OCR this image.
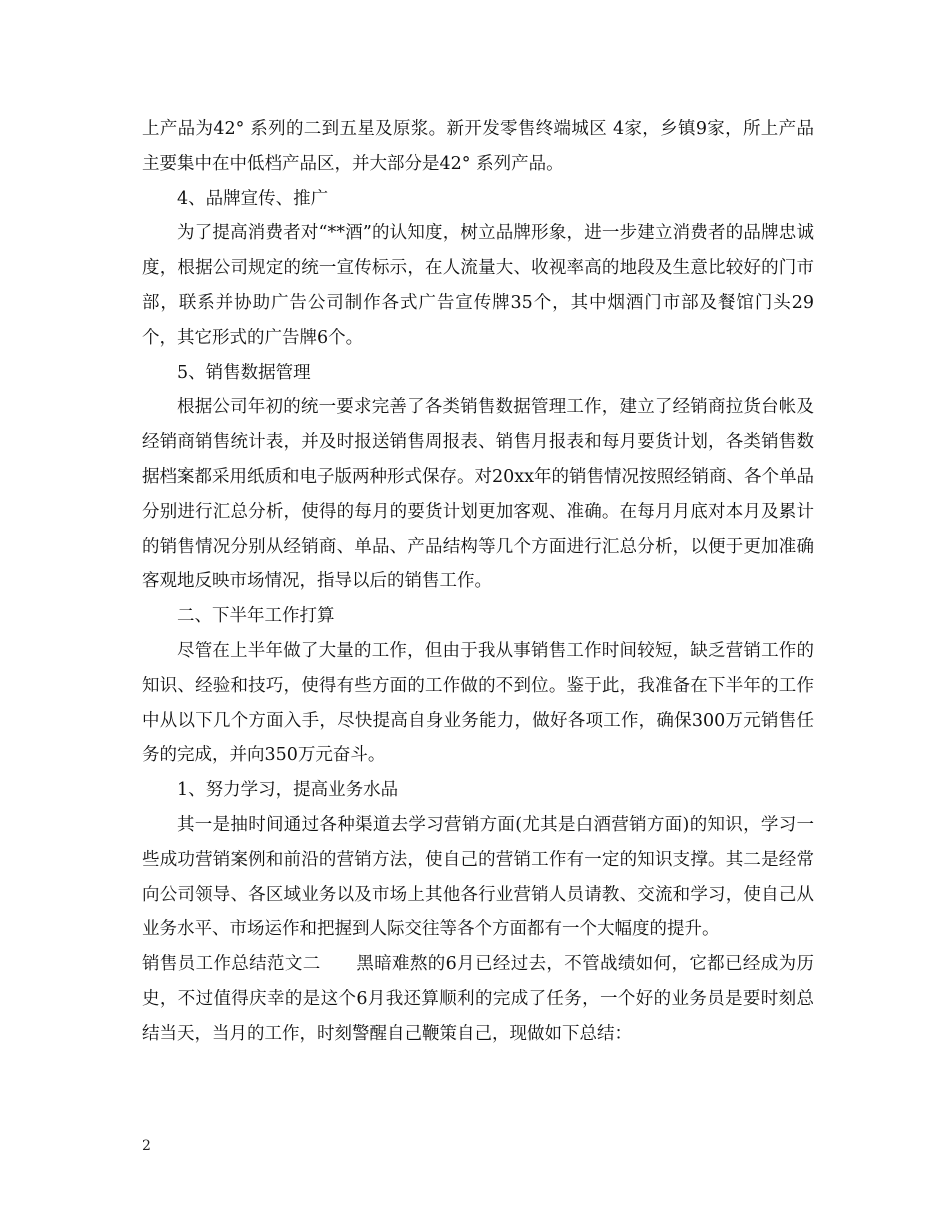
上产品为42° 系列的二到五星及原浆。新开发零售终端城区 4家，乡镇9家，所上产品主要集中在中低档产品区，并大部分是42° 系列产品。

4、品牌宣传、推广

为了提高消费者对“**酒”的认知度，树立品牌形象，进一步建立消费者的品牌忠诚度，根据公司规定的统一宣传标示，在人流量大、收视率高的地段及生意比较好的门市部，联系并协助广告公司制作各式广告宣传牌35个，其中烟酒门市部及餐馆门头29个，其它形式的广告牌6个。

5、销售数据管理

根据公司年初的统一要求完善了各类销售数据管理工作，建立了经销商拉货台帐及经销商销售统计表，并及时报送销售周报表、销售月报表和每月要货计划，各类销售数据档案都采用纸质和电子版两种形式保存。对20xx年的销售情况按照经销商、各个单品分别进行汇总分析，使得的每月的要货计划更加客观、准确。在每月月底对本月及累计的销售情况分别从经销商、单品、产品结构等几个方面进行汇总分析，以便于更加准确客观地反映市场情况，指导以后的销售工作。

二、下半年工作打算

尽管在上半年做了大量的工作，但由于我从事销售工作时间较短，缺乏营销工作的知识、经验和技巧，使得有些方面的工作做的不到位。鉴于此，我准备在下半年的工作中从以下几个方面入手，尽快提高自身业务能力，做好各项工作，确保300万元销售任务的完成，并向350万元奋斗。

1、努力学习，提高业务水品

其一是抽时间通过各种渠道去学习营销方面(尤其是白酒营销方面)的知识，学习一些成功营销案例和前沿的营销方法，使自己的营销工作有一定的知识支撑。其二是经常向公司领导、各区域业务以及市场上其他各行业营销人员请教、交流和学习，使自己从业务水平、市场运作和把握到人际交往等各个方面都有一个大幅度的提升。

销售员工作总结范文二　　黑暗难熬的6月已经过去，不管战绩如何，它都已经成为历史，不过值得庆幸的是这个6月我还算顺利的完成了任务，一个好的业务员是要时刻总结当天，当月的工作，时刻警醒自己鞭策自己，现做如下总结：

2
